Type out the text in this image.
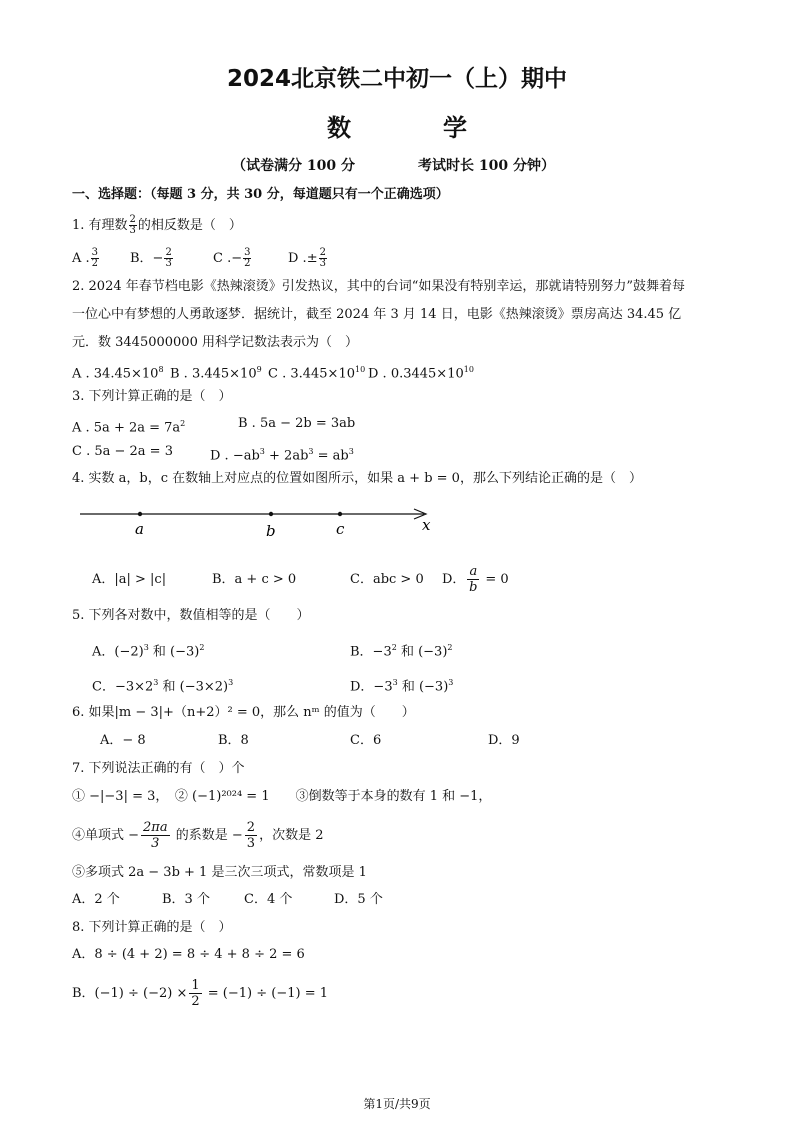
2024北京铁二中初一（上）期中
数　学
（试卷满分 100 分	考试时长 100 分钟）
一、选择题：（每题 3 分，共 30 分，每道题只有一个正确选项）
1. 有理数 $\frac{2}{3}$ 的相反数是（　）
A . $\frac{3}{2}$ B．− $\frac{2}{3}$	C .− $\frac{3}{2}$	D .± $\frac{2}{3}$
2. 2024 年春节档电影《热辣滚烫》引发热议，其中的台词“如果没有特别幸运，那就请特别努力”鼓舞着每
一位心中有梦想的人勇敢逐梦．据统计，截至 2024 年 3 月 14 日，电影《热辣滚烫》票房高达 34.45 亿
元．数 3445000000 用科学记数法表示为（　）
A . $34.45\times 10^8$ B . $3.445\times 10^9$ C . $3.445\times 10^{10}$ D . $0.3445\times 10^{10}$
3. 下列计算正确的是（　）
A . $5a + 2a = 7a^2$	B . 5a − 2b = 3ab
C . 5a − 2a = 3	D . $-ab^3 + 2ab^3 = ab^3$
4. 实数 a，b，c 在数轴上对应点的位置如图所示，如果 a + b = 0，那么下列结论正确的是（　）
a	b	c	x
A．|a| > |c|	B．a + c > 0	C．abc > 0 D． $\frac{a}{b} = 0$
5. 下列各对数中，数值相等的是（　　）
A．$(-2)^3$ 和 $(-3)^2$	B．$-3^2$ 和 $(-3)^2$
C．$-3\times 2^3$ 和 $(-3\times 2)^3$	D．$-3^3$ 和 $(-3)^3$
6. 如果|m − 3|+（n+2）² = 0，那么 nᵐ 的值为（　　）
A．− 8	B．8	C．6	D．9
7. 下列说法正确的有（　）个
① −|−3| = 3，　② (−1)²⁰²⁴ = 1　　③倒数等于本身的数有 1 和 −1，
④单项式 − $\frac{2\pi a}{3}$ 的系数是 − $\frac{2}{3}$ ，次数是 2
⑤多项式 2a − 3b + 1 是三次三项式，常数项是 1
A．2 个	B．3 个	C．4 个	D．5 个
8. 下列计算正确的是（　）
A．8 ÷ (4 + 2) = 8 ÷ 4 + 8 ÷ 2 = 6
B．$(-1) \div (-2) \times \frac{1}{2} = (-1) \div (-1) = 1$
第1页/共9页
